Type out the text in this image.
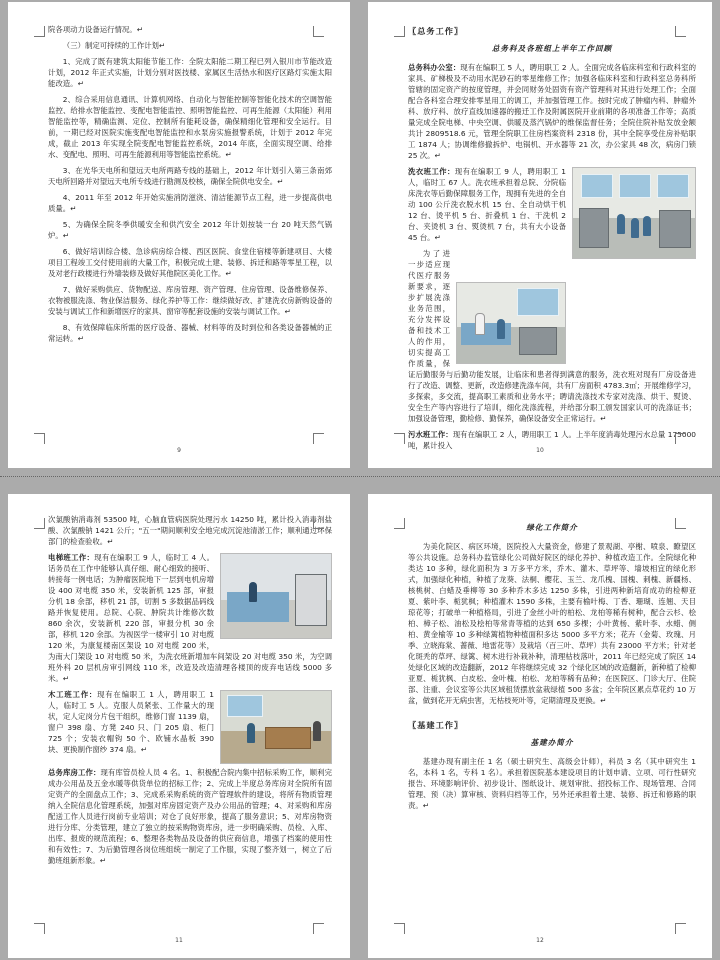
院各项动力设备运行情况。↵

（三）制定可持续的工作计划↵

1、完成了既有建筑太阳能节能工作：全院太阳能二期工程已列入银川市节能改造计划，2012 年正式实施，计划分别对医技楼、家属区生活热水和医疗区路灯实施太阳能改造。↵

2、综合采用信息通讯、计算机网络、自动化与智能控制等智能化技术的空调智能监控、给排水智能监控、变配电智能监控、照明智能监控、可再生能源（太阳能）利用智能监控等，精确监测、定位、控制所有能耗设备，确保精细化管理和安全运行。目前，一期已经对医院实施变配电智能监控和水泵房实施报警系统，计划于 2012 年完成，截止 2013 年实现全院变配电智能监控系统，2014 年底，全面实现空调、给排水、变配电、照明、可再生能源利用等智能监控系统。↵

3、在光华天电所和望远天电所两路专线的基础上，2012 年计划引入第三条南郊天电所回路并对望远天电所专线进行勘测及校核，确保全院供电安全。↵

4、2011 年至 2012 年开始实施消防滋浇、清洁能源节点工程，进一步提高供电质量。↵

5、为确保全院冬季供暖安全和供汽安全 2012 年计划按装一台 20 吨天然气锅炉。↵

6、做好培训综合楼、急诊病房综合楼、西区医院、食堂住宿楼等新建项目、大楼项目工程竣工交付使用前的大量工作，积极完成土建、装修、拆迁和路等零星工程，以及对老行政楼进行外墙装修及做好其他院区美化工作。↵

7、做好采购供应、货物配送、库房管理、资产管理、住房管理、设备维修保养、衣物被服洗涤、物业保洁服务、绿化养护等工作：继续做好改、扩建洗衣房新购设备的安装与调试工作和新增医疗的家具、窗帘等配套设施的安装与调试工作。↵

8、有效保障临床所需的医疗设备、器械、材料等的及时到位和各类设备器械的正常运转。↵

9
〖总务工作〗
总务科及各班组上半年工作回顾

总务科办公室：现有在编职工 5 人，聘用职工 2 人。全面完成各临床科室和行政科室的家具、矿梯极及不动用水泥砂石的零星维修工作；加强各临床科室和行政科室总务科所管辖的固定资产的按度管理，并会同财务处固资有资产管理科对其进行处理工作；全面配合各科室合理安排零星用工的调工，并加强管理工作。按时完成了肿瘤内科、肿瘤外科、放疗科、放疗直线加速器的搬迁工作及附属医院开业前期的各项准备工作等；高质量完成全院电梯、中央空调、供暖及蒸汽锅炉的维保监督任务；全院住院补贴发放金额共计 2809518.6 元，管理全院职工住房档案资料 2318 份，其中全院享受住房补贴职工 1874 人；协调维修撤拆炉、电锅机、开水器等 21 次，办公家具 48 次，病房门锁 25 次。↵

洗衣班工作：现有在编职工 9 人，聘用职工 1 人，临时工 67 人。洗衣班承担着总院、分院临床洗衣等后勤保障服务工作，现拥有先进的全自动 100 公斤洗衣脱水机 15 台、全自动烘干机 12 台、烫平机 5 台、折叠机 1 台、干洗机 2 台、夹烫机 3 台、熨烫机 7 台，共有大小设备 45 台。↵

为了进一步适应现代医疗服务新要求，逐步扩展洗涤业务范围，充分发挥设备和技术工人的作用，切实提高工作质量，保证后勤服务与后勤功能发展，让临床和患者得到满意的服务，洗衣班对现有厂房设备进行了改造、调整、更新，改造修建洗涤车间，共有厂房面积 4783.3㎡；开展维修学习，多探索，多交流，提高职工素质和业务水平；聘请洗涤技术专家对洗涤、烘干、熨烫、安全生产等内容进行了培训，细化洗涤流程，并给部分职工颁发国家认可的洗涤证书；加强设备管理，勤检修、勤保养，确保设备安全正常运行。↵

污水班工作：现有在编职工 2 人，聘用职工 1 人。上半年度消毒处理污水总量 175000 吨，累计投入

10

次氯酸钠消毒剂 53500 吨，心脑血管病医院处理污水 14250 吨，累计投入消毒剂盐酸、次氯酸钠 1421 公斤；"五一"期间顺利安全地完成沉淀池清淤工作；顺利通过环保部门的检查验收。↵

电梯班工作：现有在编职工 9 人，临时工 4 人。话务员在工作中能够认真仔细、耐心细致的接听、转接每一例电话；为肿瘤医院地下一层到电机房增设 400 对电缆 350 米，安装新机 125 部，审报分机 18 余部，移机 21 部，切割 5 多数据品码线路并恢复使用。总院、心院、肿院共计维修次数 860 余次，安装新机 220 部，审报分机 30 余部，移机 120 余部。为视医学一楼审引 10 对电缆 120 米，为康复楼南区架设 10 对电缆 200 米，为南大门架设 10 对电缆 50 米，为洗衣班新增加车间架设 20 对电缆 350 米，为空调班外科 20 层机房审引网线 110 米，改造及改造清理各楼顶的废弃电话线 5000 多米。↵

木工班工作：现有在编职工 1 人，聘用职工 1 人，临时工 5 人。克服人员紧张、工作量大的现状，定人定岗分片包干组织，维修门窗 1139 扇，窗户 398 扇、方凳 240 只、门 205 扇、柜门 725 个；安装衣帽钩 50 个、欧铺水晶板 390 块、更换制作窗纱 374 扇。↵

总务库房工作：现有库管员检人员 4 名。1、积极配合院内集中招标采购工作，顺利完成办公用品及五金水暖等供货单位的招标工作；2、完成上半度总务库房对全院所有固定资产的全面盘点工作；3、完成系采购系统的资产管理软件的建设，将所有物质管理纳入全院信息化管理系统，加强对库房固定资产及办公用品的管理；4、对采购和库房配送工作人员进行岗前专业培训；对仓了良好形象，提高了服务意识；5、对库房物资进行分库、分类管理，建立了独立的按采购物资库房，进一步明确采购、员检、入库、出库、报废的规范流程；6、整理各类物品及设备的供应商信息，增强了档案的使用性和有效性；7、为后勤管理各岗位班组统一制定了工作服，实现了整齐划一，树立了后勤班组新形象。↵

11
绿化工作简介

为美化院区、病区环境，医院投入大量资金，修建了景观湖、亭榭、喷泉、瞭望区等公共设施。总务科办监管绿化公司做好院区的绿化养护、种植改造工作。全院绿化种类达 10 多种，绿化面积为 3 万多平方米，乔木、灌木、草坪等、墙坡相宜的绿化形式，加强绿化种植，种植了龙葵、法桐、樱花、玉兰、龙爪槐、国槐、刺槐、新疆杨、核桃树、白蜡及垂柳等 30 多种乔木多达 1250 多株，引进两种新培育成功的检柳亚夏、紫叶李、栀犹枫；种植灌木 1590 多株，主要有榆叶梅、丁香、珊瑚、连翘、天目琼花等；打破单一种植格局，引进了金丝小叶的柏松、龙柏等稀有树种，配合云杉、桧柏、樟子松、油松及桧柏等常青等植的达到 650 多棵；小叶黄杨、紫叶李、水蜡、侧柏、黄金榆等 10 多种绿篱植物种植面积多达 5000 多平方米；花卉（金菊、玫瑰、月季、立晓海棠、蔷薇、地雷花等）及栽培（百三叶、草坪）共有 23000 平方米；针对老化斑秃的草坪、绿篱、树木进行补栽补种，清理枯枝落叶，2011 年已经完成了院区 14 处绿化区域的改造翻新，2012 年将继续完成 32 个绿化区域的改造翻新，新种植了检柳亚夏、栀犹枫、白皮松、金叶槐、柏松、龙柏等稀有品种；在医院区、门诊大厅、住院部、注重、会议室等公共区域租赁摆放盆栽绿植 500 多盆；全年院区累点草花约 10 万盆，做到花开无病虫害，无枯枝死叶等，定期清理及更换。↵

〖基建工作〗
基建办简介

基建办现有副主任 1 名（硕士研究生、高级会计师），科员 3 名（其中研究生 1 名，本科 1 名，专科 1 名）。承担着医院基本建设项目的计划申请、立项、可行性研究报告、环境影响评价、初步设计、图纸设计、规划审批、招投标工作、现场管理、合同管理、预（决）算审核、资料归档等工作，另外还承担着土建、装修、拆迁和修路的职责。↵

12
